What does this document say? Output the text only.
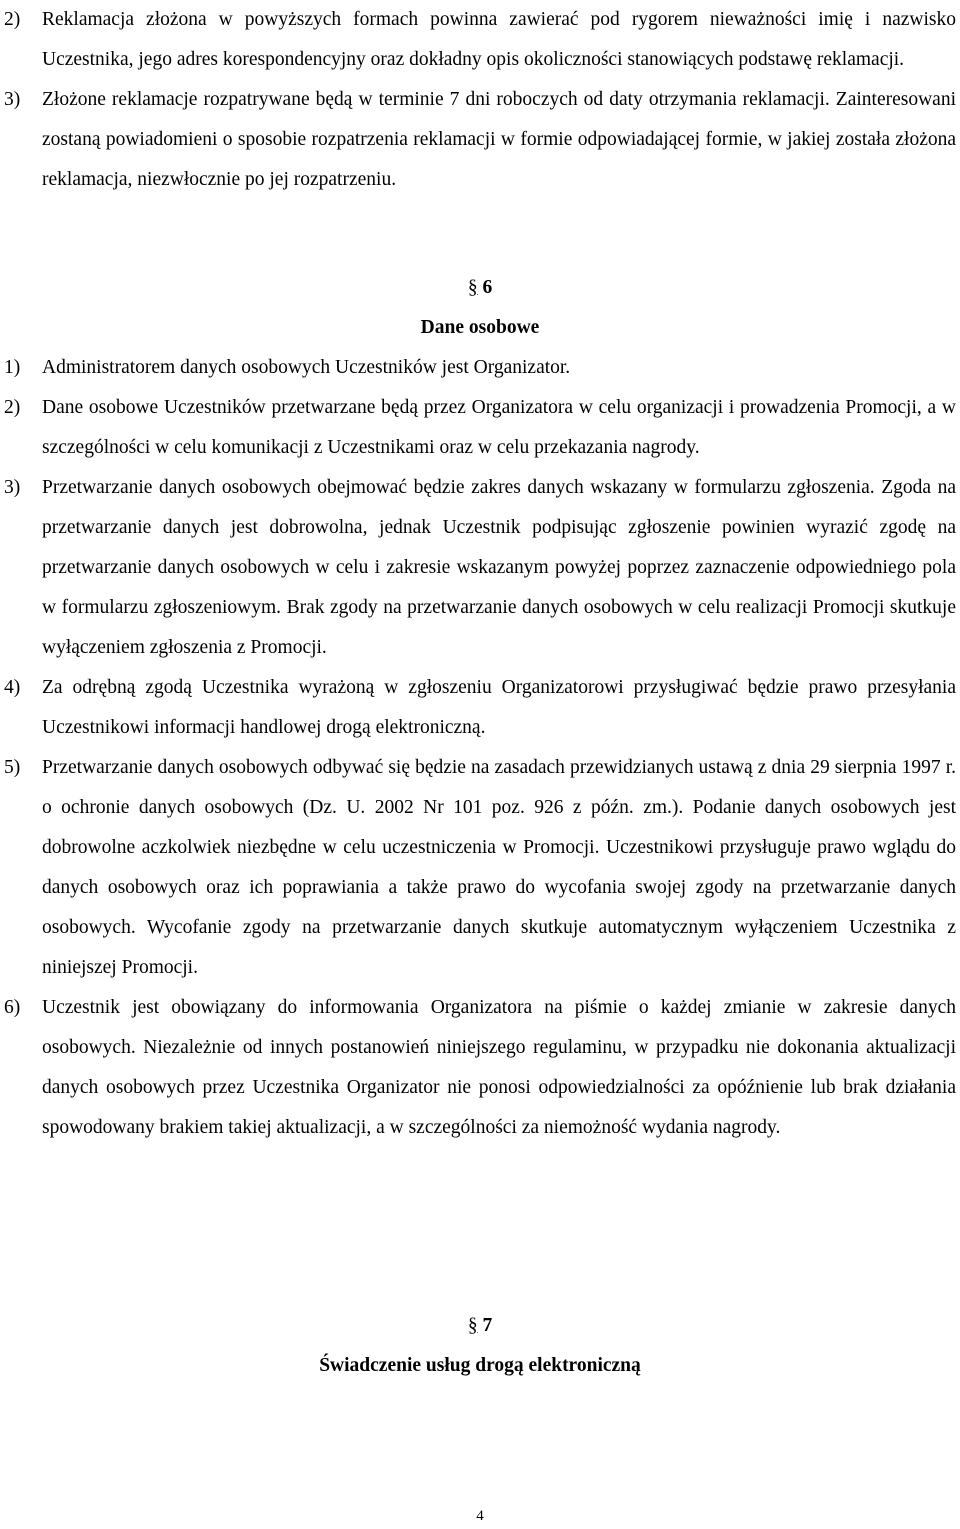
2) Reklamacja złożona w powyższych formach powinna zawierać pod rygorem nieważności imię i nazwisko Uczestnika, jego adres korespondencyjny oraz dokładny opis okoliczności stanowiących podstawę reklamacji.
3) Złożone reklamacje rozpatrywane będą w terminie 7 dni roboczych od daty otrzymania reklamacji. Zainteresowani zostaną powiadomieni o sposobie rozpatrzenia reklamacji w formie odpowiadającej formie, w jakiej została złożona reklamacja, niezwłocznie po jej rozpatrzeniu.
§ 6
Dane osobowe
1) Administratorem danych osobowych Uczestników jest Organizator.
2) Dane osobowe Uczestników przetwarzane będą przez Organizatora w celu organizacji i prowadzenia Promocji, a w szczególności w celu komunikacji z Uczestnikami oraz w celu przekazania nagrody.
3) Przetwarzanie danych osobowych obejmować będzie zakres danych wskazany w formularzu zgłoszenia. Zgoda na przetwarzanie danych jest dobrowolna, jednak Uczestnik podpisując zgłoszenie powinien wyrazić zgodę na przetwarzanie danych osobowych w celu i zakresie wskazanym powyżej poprzez zaznaczenie odpowiedniego pola w formularzu zgłoszeniowym. Brak zgody na przetwarzanie danych osobowych w celu realizacji Promocji skutkuje wyłączeniem zgłoszenia z Promocji.
4) Za odrębną zgodą Uczestnika wyrażoną w zgłoszeniu Organizatorowi przysługiwać będzie prawo przesyłania Uczestnikowi informacji handlowej drogą elektroniczną.
5) Przetwarzanie danych osobowych odbywać się będzie na zasadach przewidzianych ustawą z dnia 29 sierpnia 1997 r. o ochronie danych osobowych (Dz. U. 2002 Nr 101 poz. 926 z późn. zm.). Podanie danych osobowych jest dobrowolne aczkolwiek niezbędne w celu uczestniczenia w Promocji. Uczestnikowi przysługuje prawo wglądu do danych osobowych oraz ich poprawiania a także prawo do wycofania swojej zgody na przetwarzanie danych osobowych. Wycofanie zgody na przetwarzanie danych skutkuje automatycznym wyłączeniem Uczestnika z niniejszej Promocji.
6) Uczestnik jest obowiązany do informowania Organizatora na piśmie o każdej zmianie w zakresie danych osobowych. Niezależnie od innych postanowień niniejszego regulaminu, w przypadku nie dokonania aktualizacji danych osobowych przez Uczestnika Organizator nie ponosi odpowiedzialności za opóźnienie lub brak działania spowodowany brakiem takiej aktualizacji, a w szczególności za niemożność wydania nagrody.
§ 7
Świadczenie usług drogą elektroniczną
4
